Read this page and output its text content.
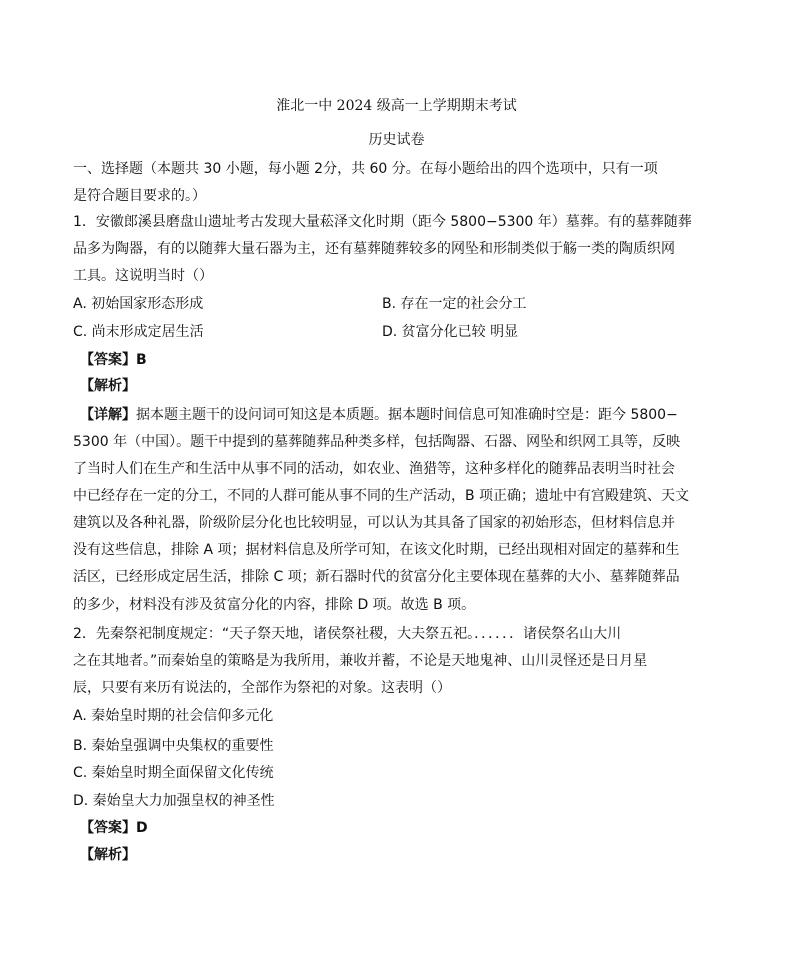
淮北一中 2024 级高一上学期期末考试
历史试卷
一、选择题（本题共 30 小题，每小题 2分，共 60 分。在每小题给出的四个选项中，只有一项
是符合题目要求的。）
1．安徽郎溪县磨盘山遗址考古发现大量菘泽文化时期（距今 5800−5300 年）墓葬。有的墓葬随葬
品多为陶器，有的以随葬大量石器为主，还有墓葬随葬较多的网坠和形制类似于觞一类的陶质织网
工具。这说明当时（）
A. 初始国家形态形成	B. 存在一定的社会分工
C. 尚末形成定居生活	D. 贫富分化已较 明显
【答案】B
【解析】
【详解】据本题主题干的设问词可知这是本质题。据本题时间信息可知准确时空是：距今 5800−
5300 年（中国）。题干中提到的墓葬随葬品种类多样，包括陶器、石器、网坠和织网工具等，反映
了当时人们在生产和生活中从事不同的活动，如农业、渔猎等，这种多样化的随葬品表明当时社会
中已经存在一定的分工，不同的人群可能从事不同的生产活动，B 项正确；遗址中有宫殿建筑、天文
建筑以及各种礼器，阶级阶层分化也比较明显，可以认为其具备了国家的初始形态，但材料信息并
没有这些信息，排除 A 项；据材料信息及所学可知，在该文化时期，已经出现相对固定的墓葬和生
活区，已经形成定居生活，排除 C 项；新石器时代的贫富分化主要体现在墓葬的大小、墓葬随葬品
的多少，材料没有涉及贫富分化的内容，排除 D 项。故选 B 项。
2．先秦祭祀制度规定：“天子祭天地，诸侯祭社稷，大夫祭五祀。．．．．．．诸侯祭名山大川
之在其地者。”而秦始皇的策略是为我所用，兼收并蓄，不论是天地鬼神、山川灵怪还是日月星
辰，只要有来历有说法的，全部作为祭祀的对象。这表明（）
A. 秦始皇时期的社会信仰多元化
B. 秦始皇强调中央集权的重要性
C. 秦始皇时期全面保留文化传统
D. 秦始皇大力加强皇权的神圣性
【答案】D
【解析】
